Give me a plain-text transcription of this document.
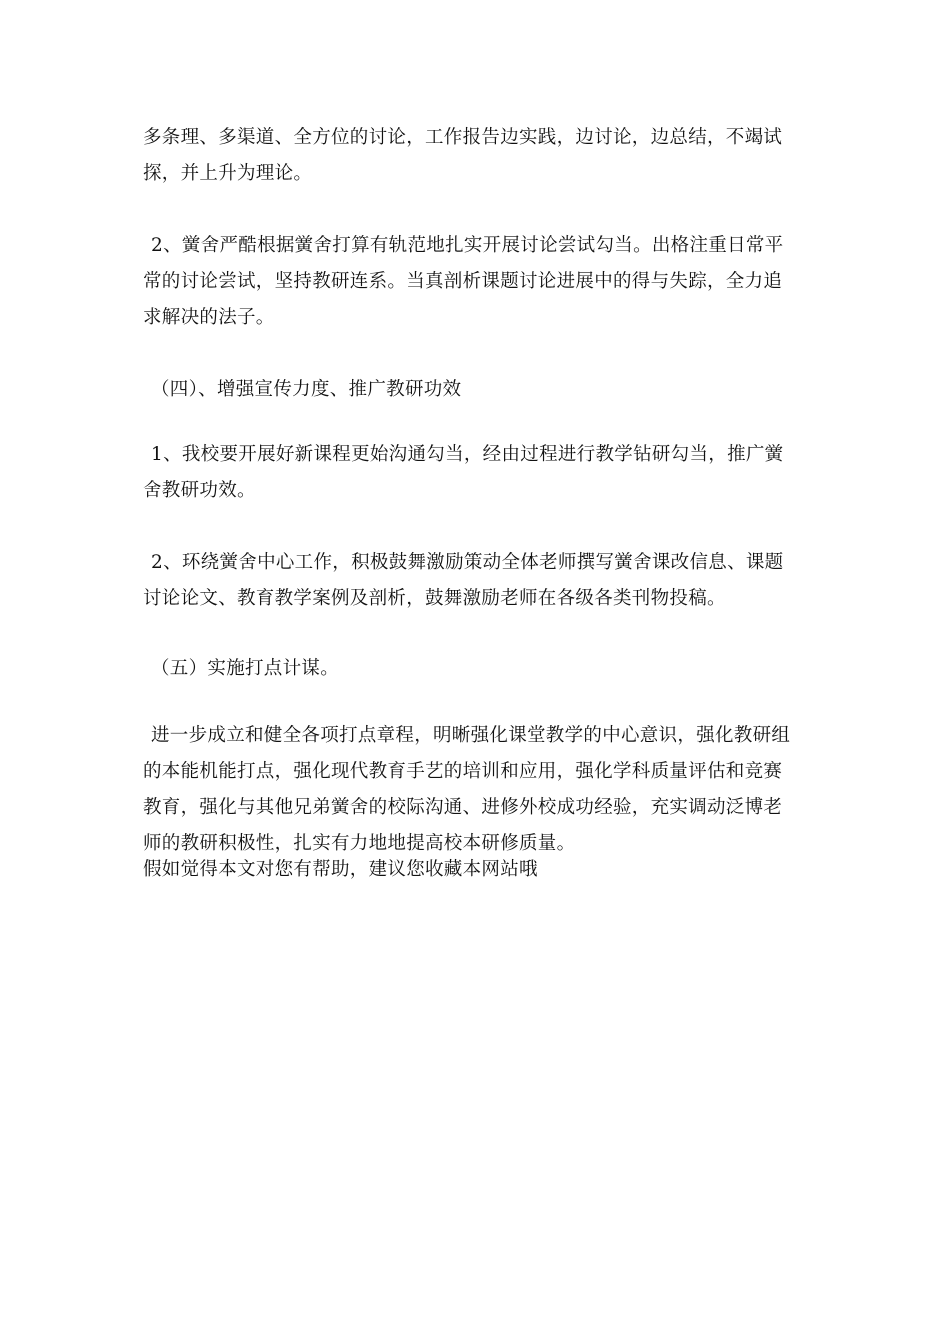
多条理、多渠道、全方位的讨论，工作报告边实践，边讨论，边总结，不竭试
探，并上升为理论。
2、黉舍严酷根据黉舍打算有轨范地扎实开展讨论尝试勾当。出格注重日常平
常的讨论尝试，坚持教研连系。当真剖析课题讨论进展中的得与失踪，全力追
求解决的法子。
（四）、增强宣传力度、推广教研功效
1、我校要开展好新课程更始沟通勾当，经由过程进行教学钻研勾当，推广黉
舍教研功效。
2、环绕黉舍中心工作，积极鼓舞激励策动全体老师撰写黉舍课改信息、课题
讨论论文、教育教学案例及剖析，鼓舞激励老师在各级各类刊物投稿。
（五）实施打点计谋。
进一步成立和健全各项打点章程，明晰强化课堂教学的中心意识，强化教研组
的本能机能打点，强化现代教育手艺的培训和应用，强化学科质量评估和竞赛
教育，强化与其他兄弟黉舍的校际沟通、进修外校成功经验，充实调动泛博老
师的教研积极性，扎实有力地地提高校本研修质量。
假如觉得本文对您有帮助，建议您收藏本网站哦
